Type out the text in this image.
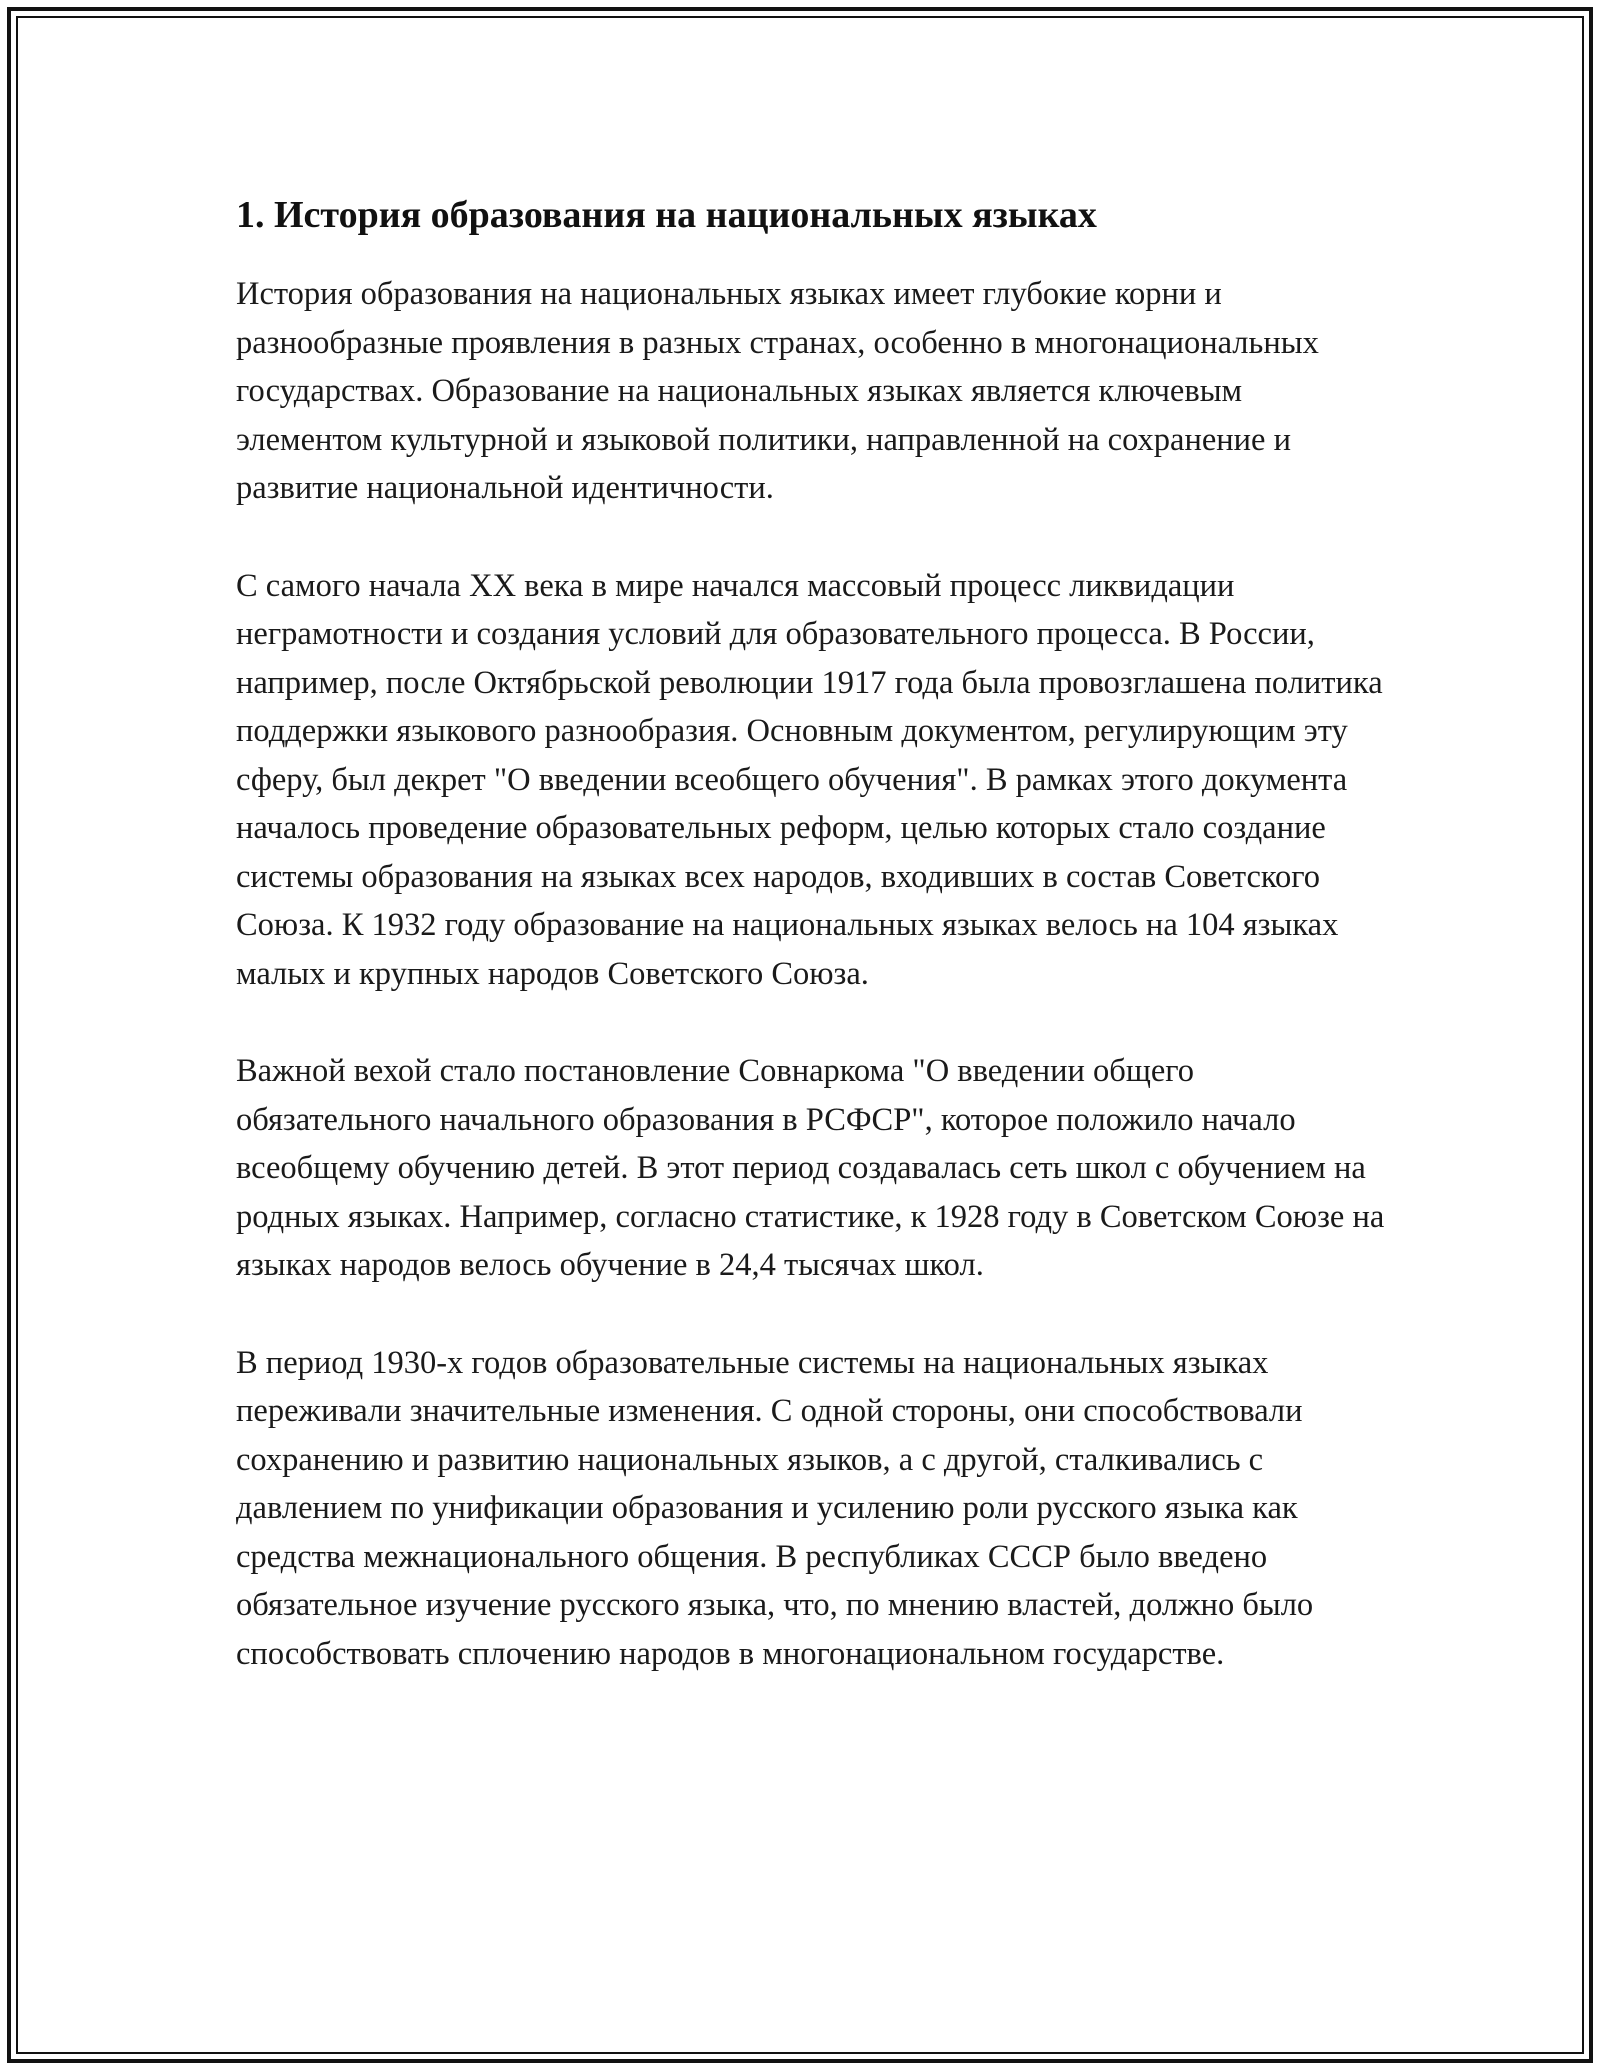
1. История образования на национальных языках

История образования на национальных языках имеет глубокие корни и разнообразные проявления в разных странах, особенно в многонациональных государствах. Образование на национальных языках является ключевым элементом культурной и языковой политики, направленной на сохранение и развитие национальной идентичности.

С самого начала XX века в мире начался массовый процесс ликвидации неграмотности и создания условий для образовательного процесса. В России, например, после Октябрьской революции 1917 года была провозглашена политика поддержки языкового разнообразия. Основным документом, регулирующим эту сферу, был декрет "О введении всеобщего обучения". В рамках этого документа началось проведение образовательных реформ, целью которых стало создание системы образования на языках всех народов, входивших в состав Советского Союза. К 1932 году образование на национальных языках велось на 104 языках малых и крупных народов Советского Союза.

Важной вехой стало постановление Совнаркома "О введении общего обязательного начального образования в РСФСР", которое положило начало всеобщему обучению детей. В этот период создавалась сеть школ с обучением на родных языках. Например, согласно статистике, к 1928 году в Советском Союзе на языках народов велось обучение в 24,4 тысячах школ.

В период 1930-х годов образовательные системы на национальных языках переживали значительные изменения. С одной стороны, они способствовали сохранению и развитию национальных языков, а с другой, сталкивались с давлением по унификации образования и усилению роли русского языка как средства межнационального общения. В республиках СССР было введено обязательное изучение русского языка, что, по мнению властей, должно было способствовать сплочению народов в многонациональном государстве.
